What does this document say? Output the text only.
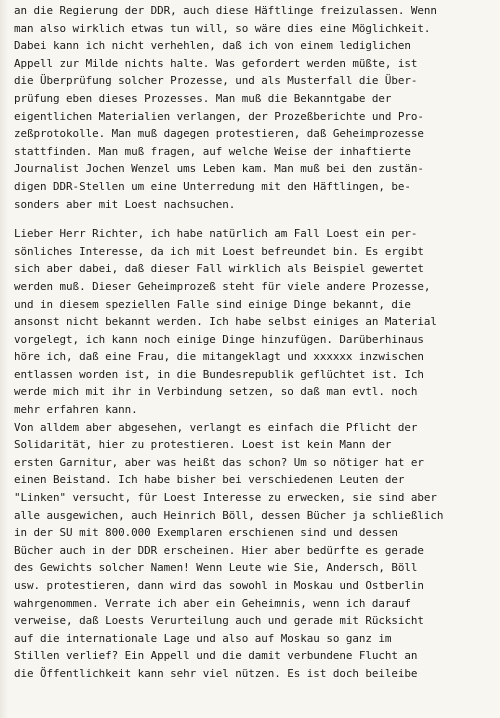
an die Regierung der DDR, auch diese Häftlinge freizulassen. Wenn
man also wirklich etwas tun will, so wäre dies eine Möglichkeit.
Dabei kann ich nicht verhehlen, daß ich von einem lediglichen
Appell zur Milde nichts halte. Was gefordert werden müßte, ist
die Überprüfung solcher Prozesse, und als Musterfall die Über-
prüfung eben dieses Prozesses. Man muß die Bekanntgabe der
eigentlichen Materialien verlangen, der Prozeßberichte und Pro-
zeßprotokolle. Man muß dagegen protestieren, daß Geheimprozesse
stattfinden. Man muß fragen, auf welche Weise der inhaftierte
Journalist Jochen Wenzel ums Leben kam. Man muß bei den zustän-
digen DDR-Stellen um eine Unterredung mit den Häftlingen, be-
sonders aber mit Loest nachsuchen.
Lieber Herr Richter, ich habe natürlich am Fall Loest ein per-
sönliches Interesse, da ich mit Loest befreundet bin. Es ergibt
sich aber dabei, daß dieser Fall wirklich als Beispiel gewertet
werden muß. Dieser Geheimprozeß steht für viele andere Prozesse,
und in diesem speziellen Falle sind einige Dinge bekannt, die
ansonst nicht bekannt werden. Ich habe selbst einiges an Material
vorgelegt, ich kann noch einige Dinge hinzufügen. Darüberhinaus
höre ich, daß eine Frau, die mitangeklagt und xxxxxx inzwischen
entlassen worden ist, in die Bundesrepublik geflüchtet ist. Ich
werde mich mit ihr in Verbindung setzen, so daß man evtl. noch
mehr erfahren kann.
Von alldem aber abgesehen, verlangt es einfach die Pflicht der
Solidarität, hier zu protestieren. Loest ist kein Mann der
ersten Garnitur, aber was heißt das schon? Um so nötiger hat er
einen Beistand. Ich habe bisher bei verschiedenen Leuten der
"Linken" versucht, für Loest Interesse zu erwecken, sie sind aber
alle ausgewichen, auch Heinrich Böll, dessen Bücher ja schließlich
in der SU mit 800.000 Exemplaren erschienen sind und dessen
Bücher auch in der DDR erscheinen. Hier aber bedürfte es gerade
des Gewichts solcher Namen! Wenn Leute wie Sie, Andersch, Böll
usw. protestieren, dann wird das sowohl in Moskau und Ostberlin
wahrgenommen. Verrate ich aber ein Geheimnis, wenn ich darauf
verweise, daß Loests Verurteilung auch und gerade mit Rücksicht
auf die internationale Lage und also auf Moskau so ganz im
Stillen verlief? Ein Appell und die damit verbundene Flucht an
die Öffentlichkeit kann sehr viel nützen. Es ist doch beileibe
